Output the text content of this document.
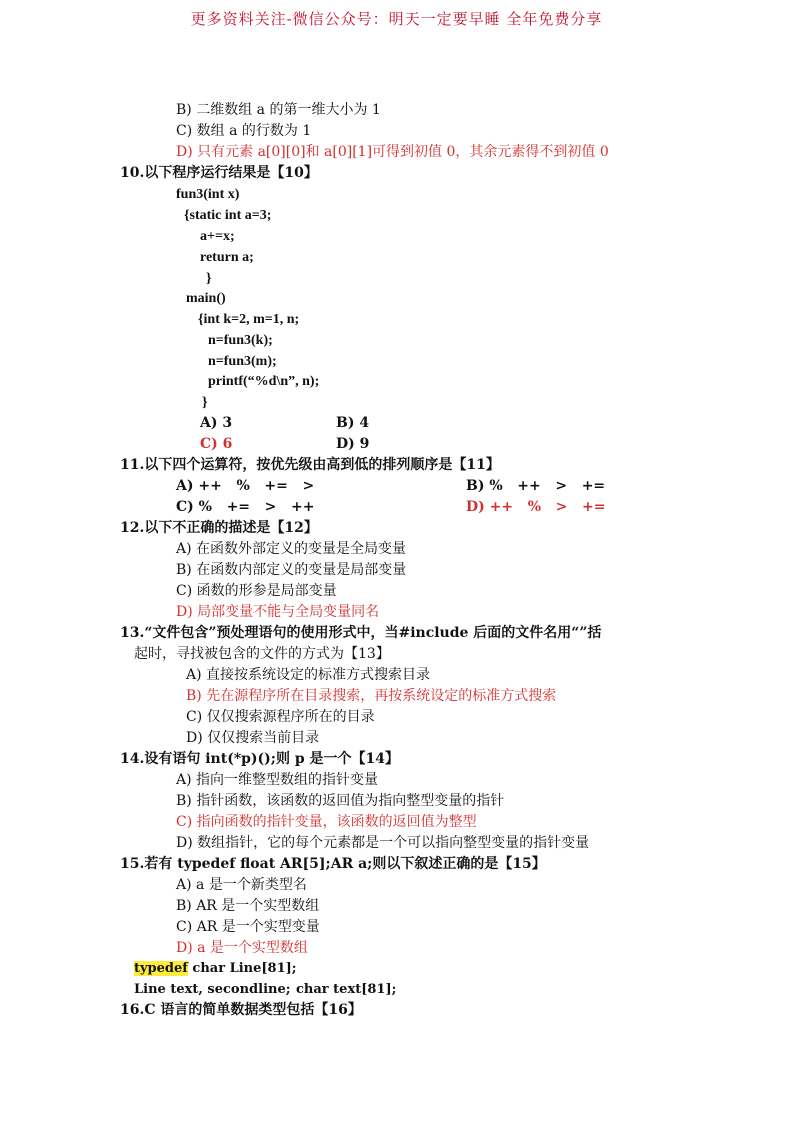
更多资料关注-微信公众号：明天一定要早睡 全年免费分享
B) 二维数组 a 的第一维大小为 1
C) 数组 a 的行数为 1
D) 只有元素 a[0][0]和 a[0][1]可得到初值 0，其余元素得不到初值 0
10.以下程序运行结果是【10】
fun3(int x)
{static int a=3;
a+=x;
return a;
}
main()
{int k=2, m=1, n;
n=fun3(k);
n=fun3(m);
printf(“%d\n”, n);
}
A) 3	B) 4
C) 6	D) 9
11.以下四个运算符，按优先级由高到低的排列顺序是【11】
A) ++   %   +=   >	B) %   ++   >   +=
C) %   +=   >   ++	D) ++   %   >   +=
12.以下不正确的描述是【12】
A) 在函数外部定义的变量是全局变量
B) 在函数内部定义的变量是局部变量
C) 函数的形参是局部变量
D) 局部变量不能与全局变量同名
13.“文件包含”预处理语句的使用形式中，当#include 后面的文件名用“”括
起时，寻找被包含的文件的方式为【13】
A) 直接按系统设定的标准方式搜索目录
B) 先在源程序所在目录搜索，再按系统设定的标准方式搜索
C) 仅仅搜索源程序所在的目录
D) 仅仅搜索当前目录
14.设有语句 int(*p)();则 p 是一个【14】
A) 指向一维整型数组的指针变量
B) 指针函数，该函数的返回值为指向整型变量的指针
C) 指向函数的指针变量，该函数的返回值为整型
D) 数组指针，它的每个元素都是一个可以指向整型变量的指针变量
15.若有 typedef float AR[5];AR a;则以下叙述正确的是【15】
A) a 是一个新类型名
B) AR 是一个实型数组
C) AR 是一个实型变量
D) a 是一个实型数组
typedef char Line[81];
Line text, secondline; char text[81];
16.C 语言的简单数据类型包括【16】
